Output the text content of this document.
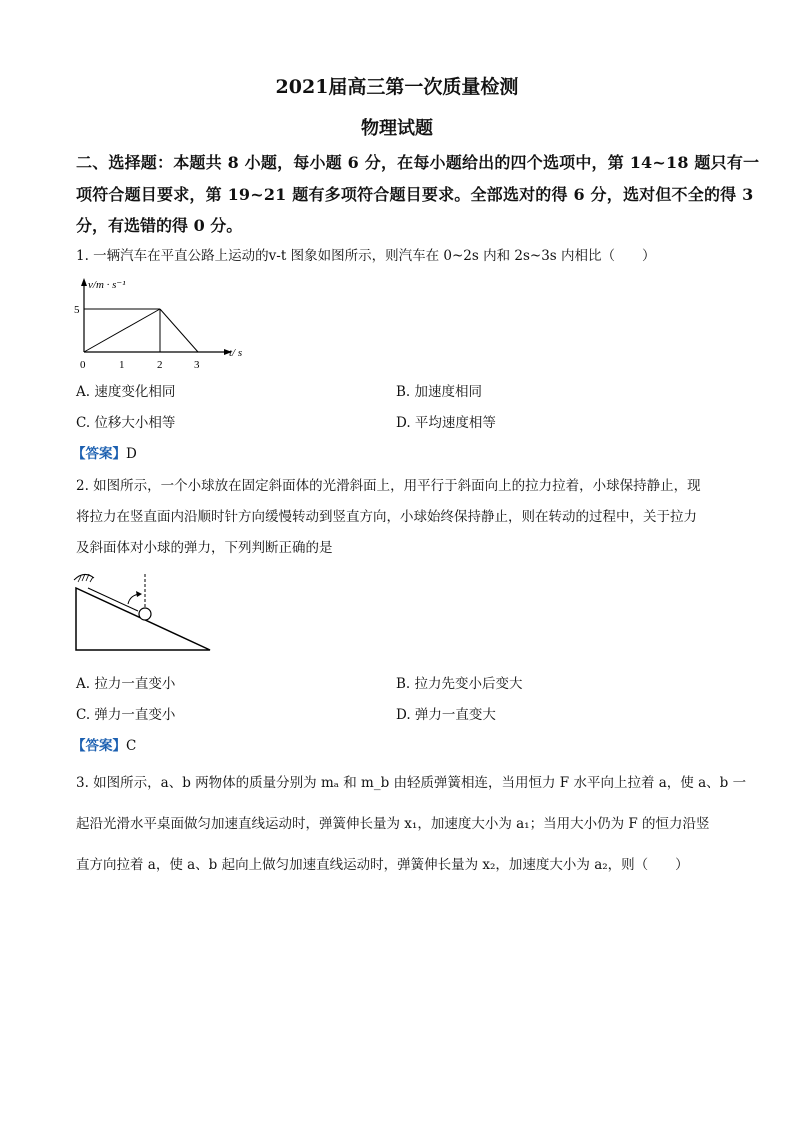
2021届高三第一次质量检测
物理试题
二、选择题：本题共 8 小题，每小题 6 分，在每小题给出的四个选项中，第 14~18 题只有一
项符合题目要求，第 19~21 题有多项符合题目要求。全部选对的得 6 分，选对但不全的得 3
分，有选错的得 0 分。
1. 一辆汽车在平直公路上运动的v-t 图象如图所示，则汽车在 0~2s 内和 2s~3s 内相比（　　）
v/m · s⁻¹
5
0	1	2	3
t/ s
A. 速度变化相同	B. 加速度相同
C. 位移大小相等	D. 平均速度相等
【答案】D
2. 如图所示，一个小球放在固定斜面体的光滑斜面上，用平行于斜面向上的拉力拉着，小球保持静止，现
将拉力在竖直面内沿顺时针方向缓慢转动到竖直方向，小球始终保持静止，则在转动的过程中，关于拉力
及斜面体对小球的弹力，下列判断正确的是
A. 拉力一直变小	B. 拉力先变小后变大
C. 弹力一直变小	D. 弹力一直变大
【答案】C
3. 如图所示，a、b 两物体的质量分别为 mₐ 和 m_b 由轻质弹簧相连，当用恒力 F 水平向上拉着 a，使 a、b 一
起沿光滑水平桌面做匀加速直线运动时，弹簧伸长量为 x₁，加速度大小为 a₁；当用大小仍为 F 的恒力沿竖
直方向拉着 a，使 a、b 起向上做匀加速直线运动时，弹簧伸长量为 x₂，加速度大小为 a₂，则（　　）
